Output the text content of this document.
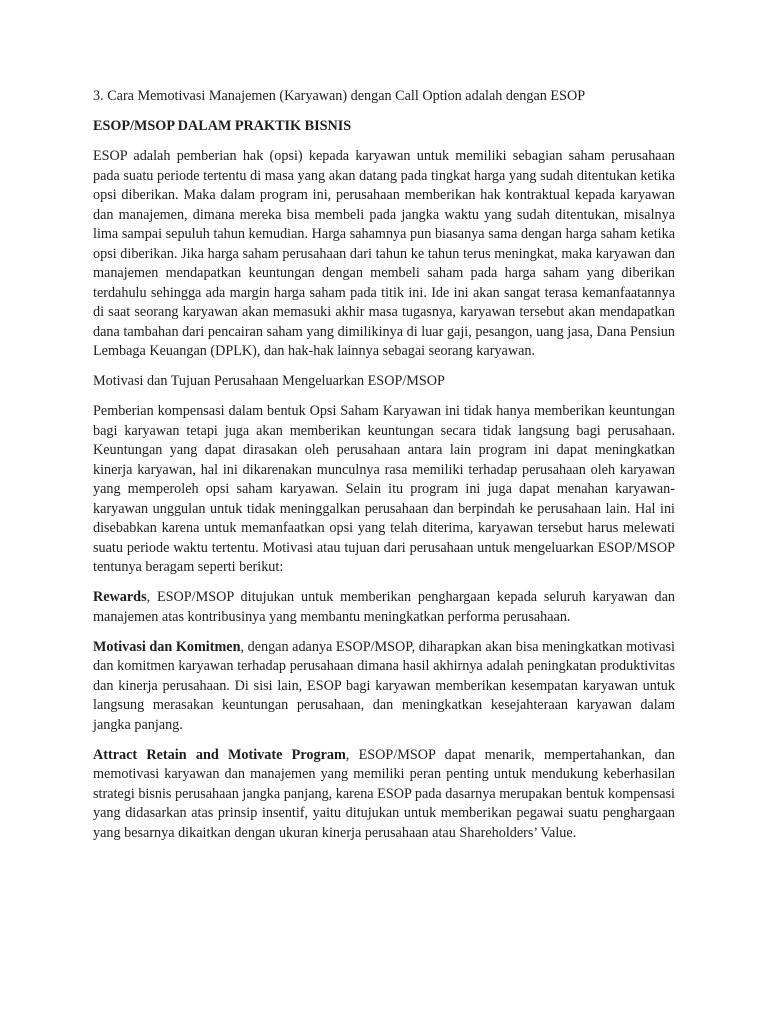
3. Cara Memotivasi Manajemen (Karyawan) dengan Call Option adalah dengan ESOP

ESOP/MSOP DALAM PRAKTIK BISNIS

ESOP adalah pemberian hak (opsi) kepada karyawan untuk memiliki sebagian saham perusahaan pada suatu periode tertentu di masa yang akan datang pada tingkat harga yang sudah ditentukan ketika opsi diberikan. Maka dalam program ini, perusahaan memberikan hak kontraktual kepada karyawan dan manajemen, dimana mereka bisa membeli pada jangka waktu yang sudah ditentukan, misalnya lima sampai sepuluh tahun kemudian. Harga sahamnya pun biasanya sama dengan harga saham ketika opsi diberikan. Jika harga saham perusahaan dari tahun ke tahun terus meningkat, maka karyawan dan manajemen mendapatkan keuntungan dengan membeli saham pada harga saham yang diberikan terdahulu sehingga ada margin harga saham pada titik ini. Ide ini akan sangat terasa kemanfaatannya di saat seorang karyawan akan memasuki akhir masa tugasnya, karyawan tersebut akan mendapatkan dana tambahan dari pencairan saham yang dimilikinya di luar gaji, pesangon, uang jasa, Dana Pensiun Lembaga Keuangan (DPLK), dan hak-hak lainnya sebagai seorang karyawan.

Motivasi dan Tujuan Perusahaan Mengeluarkan ESOP/MSOP

Pemberian kompensasi dalam bentuk Opsi Saham Karyawan ini tidak hanya memberikan keuntungan bagi karyawan tetapi juga akan memberikan keuntungan secara tidak langsung bagi perusahaan. Keuntungan yang dapat dirasakan oleh perusahaan antara lain program ini dapat meningkatkan kinerja karyawan, hal ini dikarenakan munculnya rasa memiliki terhadap perusahaan oleh karyawan yang memperoleh opsi saham karyawan. Selain itu program ini juga dapat menahan karyawan-karyawan unggulan untuk tidak meninggalkan perusahaan dan berpindah ke perusahaan lain. Hal ini disebabkan karena untuk memanfaatkan opsi yang telah diterima, karyawan tersebut harus melewati suatu periode waktu tertentu. Motivasi atau tujuan dari perusahaan untuk mengeluarkan ESOP/MSOP tentunya beragam seperti berikut:

Rewards, ESOP/MSOP ditujukan untuk memberikan penghargaan kepada seluruh karyawan dan manajemen atas kontribusinya yang membantu meningkatkan performa perusahaan.

Motivasi dan Komitmen, dengan adanya ESOP/MSOP, diharapkan akan bisa meningkatkan motivasi dan komitmen karyawan terhadap perusahaan dimana hasil akhirnya adalah peningkatan produktivitas dan kinerja perusahaan. Di sisi lain, ESOP bagi karyawan memberikan kesempatan karyawan untuk langsung merasakan keuntungan perusahaan, dan meningkatkan kesejahteraan karyawan dalam jangka panjang.

Attract Retain and Motivate Program, ESOP/MSOP dapat menarik, mempertahankan, dan memotivasi karyawan dan manajemen yang memiliki peran penting untuk mendukung keberhasilan strategi bisnis perusahaan jangka panjang, karena ESOP pada dasarnya merupakan bentuk kompensasi yang didasarkan atas prinsip insentif, yaitu ditujukan untuk memberikan pegawai suatu penghargaan yang besarnya dikaitkan dengan ukuran kinerja perusahaan atau Shareholders’ Value.
